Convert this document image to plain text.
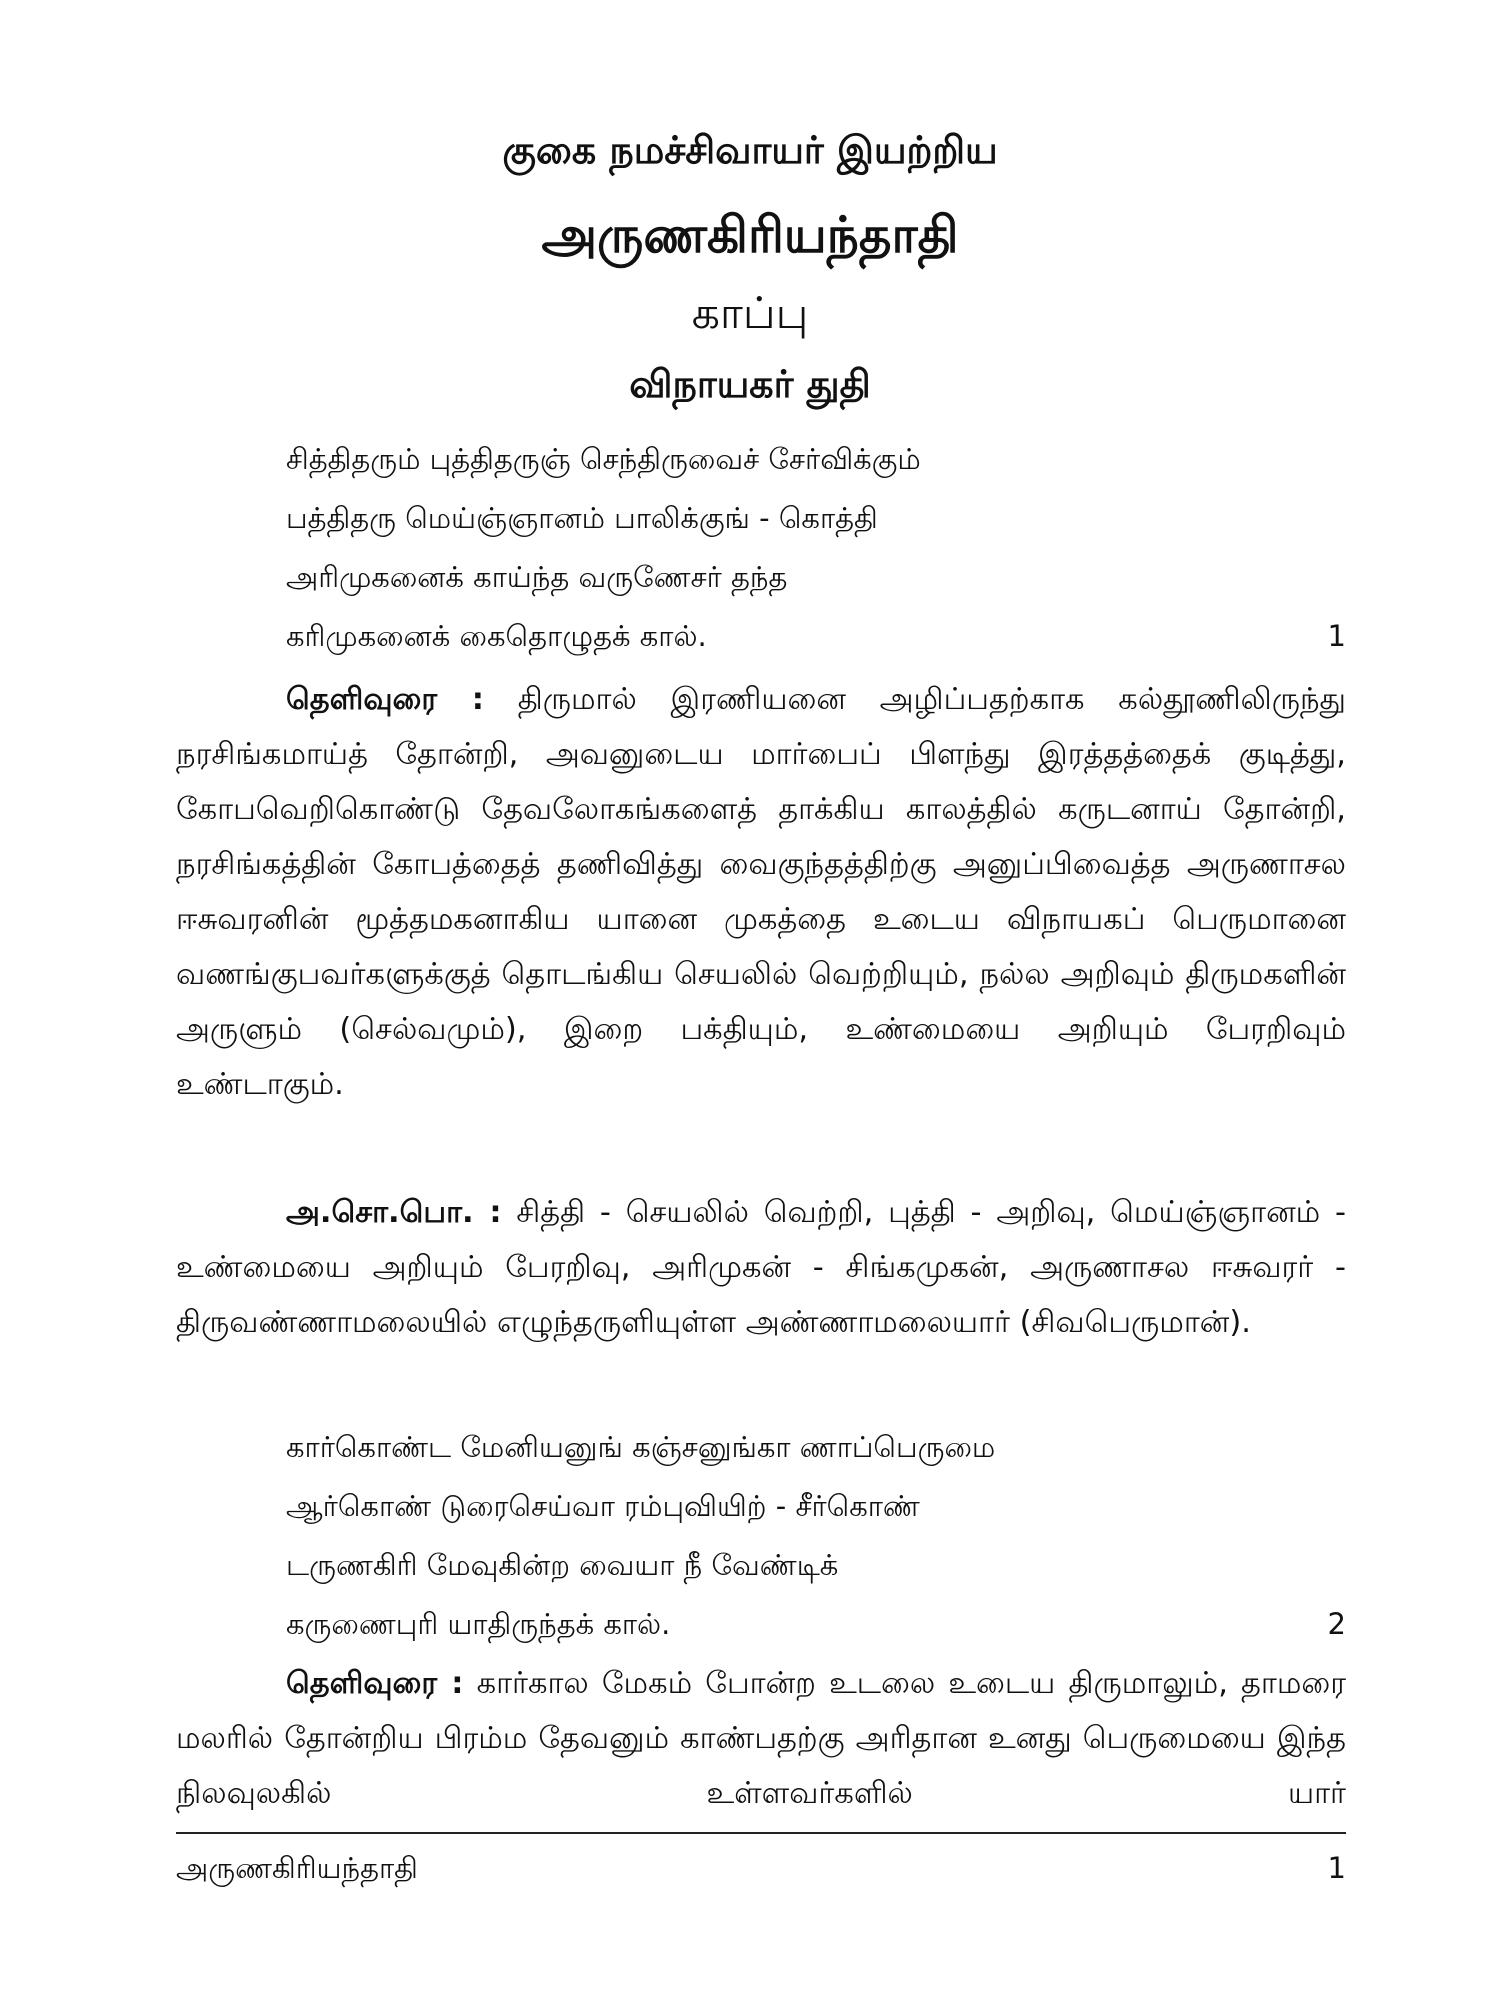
குகை நமச்சிவாயர் இயற்றிய
அருணகிரியந்தாதி
காப்பு
விநாயகர் துதி
சித்திதரும் புத்திதருஞ் செந்திருவைச் சேர்விக்கும்
பத்திதரு மெய்ஞ்ஞானம் பாலிக்குங் - கொத்தி
அரிமுகனைக் காய்ந்த வருணேசர் தந்த
கரிமுகனைக் கைதொழுதக் கால்.	1

தெளிவுரை : திருமால் இரணியனை அழிப்பதற்காக கல்தூணிலிருந்து நரசிங்கமாய்த் தோன்றி, அவனுடைய மார்பைப் பிளந்து இரத்தத்தைக் குடித்து, கோபவெறிகொண்டு தேவலோகங்களைத் தாக்கிய காலத்தில் கருடனாய் தோன்றி, நரசிங்கத்தின் கோபத்தைத் தணிவித்து வைகுந்தத்திற்கு அனுப்பிவைத்த அருணாசல ஈசுவரனின் மூத்தமகனாகிய யானை முகத்தை உடைய விநாயகப் பெருமானை வணங்குபவர்களுக்குத் தொடங்கிய செயலில் வெற்றியும், நல்ல அறிவும் திருமகளின் அருளும் (செல்வமும்), இறை பக்தியும், உண்மையை அறியும் பேரறிவும் உண்டாகும்.

அ.சொ.பொ. : சித்தி - செயலில் வெற்றி, புத்தி - அறிவு, மெய்ஞ்ஞானம் - உண்மையை அறியும் பேரறிவு, அரிமுகன் - சிங்கமுகன், அருணாசல ஈசுவரர் - திருவண்ணாமலையில் எழுந்தருளியுள்ள அண்ணாமலையார் (சிவபெருமான்).

கார்கொண்ட மேனியனுங் கஞ்சனுங்கா ணாப்பெருமை
ஆர்கொண் டுரைசெய்வா ரம்புவியிற் - சீர்கொண்
டருணகிரி மேவுகின்ற வையா நீ வேண்டிக்
கருணைபுரி யாதிருந்தக் கால்.	2

தெளிவுரை : கார்கால மேகம் போன்ற உடலை உடைய திருமாலும், தாமரை மலரில் தோன்றிய பிரம்ம தேவனும் காண்பதற்கு அரிதான உனது பெருமையை இந்த நிலவுலகில் உள்ளவர்களில் யார்

அருணகிரியந்தாதி	1
